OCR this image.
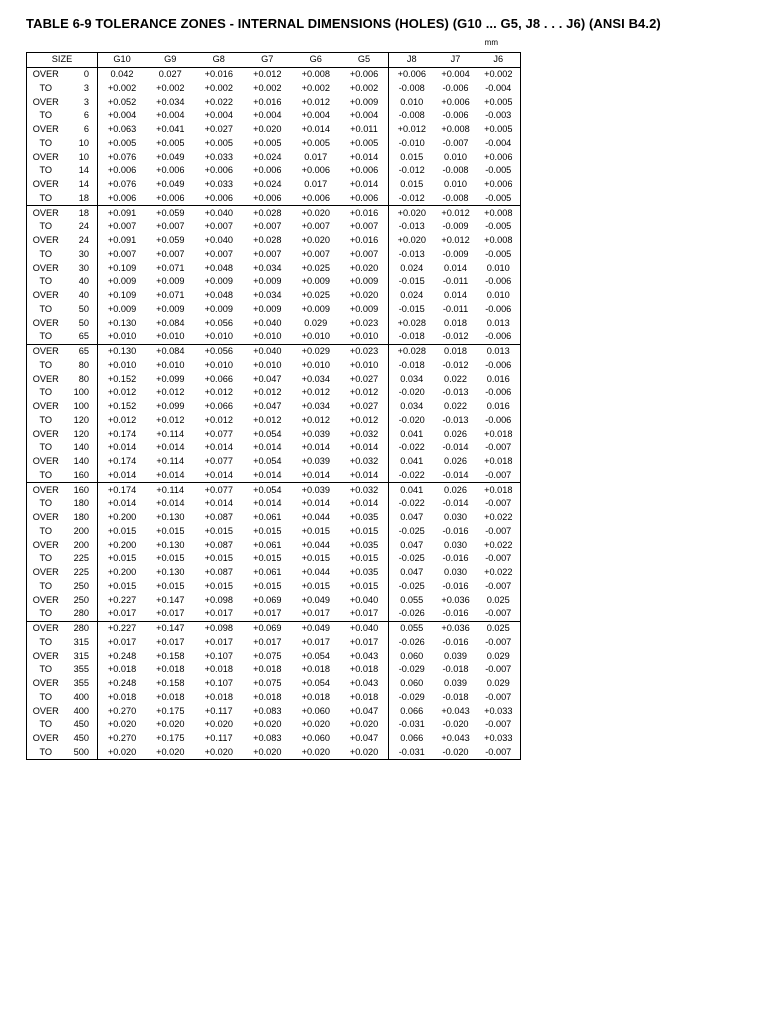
TABLE 6-9 TOLERANCE ZONES - INTERNAL DIMENSIONS (HOLES) (G10 ... G5, J8 . . . J6) (ANSI B4.2)
mm
SIZE		G10	G9	G8	G7	G6	G5	J8	J7	J6
OVER	0	0.042	0.027	+0.016	+0.012	+0.008	+0.006	+0.006	+0.004	+0.002
TO	3	+0.002	+0.002	+0.002	+0.002	+0.002	+0.002	-0.008	-0.006	-0.004
OVER	3	+0.052	+0.034	+0.022	+0.016	+0.012	+0.009	0.010	+0.006	+0.005
TO	6	+0.004	+0.004	+0.004	+0.004	+0.004	+0.004	-0.008	-0.006	-0.003
OVER	6	+0.063	+0.041	+0.027	+0.020	+0.014	+0.011	+0.012	+0.008	+0.005
TO	10	+0.005	+0.005	+0.005	+0.005	+0.005	+0.005	-0.010	-0.007	-0.004
OVER	10	+0.076	+0.049	+0.033	+0.024	0.017	+0.014	0.015	0.010	+0.006
TO	14	+0.006	+0.006	+0.006	+0.006	+0.006	+0.006	-0.012	-0.008	-0.005
OVER	14	+0.076	+0.049	+0.033	+0.024	0.017	+0.014	0.015	0.010	+0.006
TO	18	+0.006	+0.006	+0.006	+0.006	+0.006	+0.006	-0.012	-0.008	-0.005
OVER	18	+0.091	+0.059	+0.040	+0.028	+0.020	+0.016	+0.020	+0.012	+0.008
TO	24	+0.007	+0.007	+0.007	+0.007	+0.007	+0.007	-0.013	-0.009	-0.005
OVER	24	+0.091	+0.059	+0.040	+0.028	+0.020	+0.016	+0.020	+0.012	+0.008
TO	30	+0.007	+0.007	+0.007	+0.007	+0.007	+0.007	-0.013	-0.009	-0.005
OVER	30	+0.109	+0.071	+0.048	+0.034	+0.025	+0.020	0.024	0.014	0.010
TO	40	+0.009	+0.009	+0.009	+0.009	+0.009	+0.009	-0.015	-0.011	-0.006
OVER	40	+0.109	+0.071	+0.048	+0.034	+0.025	+0.020	0.024	0.014	0.010
TO	50	+0.009	+0.009	+0.009	+0.009	+0.009	+0.009	-0.015	-0.011	-0.006
OVER	50	+0.130	+0.084	+0.056	+0.040	0.029	+0.023	+0.028	0.018	0.013
TO	65	+0.010	+0.010	+0.010	+0.010	+0.010	+0.010	-0.018	-0.012	-0.006
OVER	65	+0.130	+0.084	+0.056	+0.040	+0.029	+0.023	+0.028	0.018	0.013
TO	80	+0.010	+0.010	+0.010	+0.010	+0.010	+0.010	-0.018	-0.012	-0.006
OVER	80	+0.152	+0.099	+0.066	+0.047	+0.034	+0.027	0.034	0.022	0.016
TO	100	+0.012	+0.012	+0.012	+0.012	+0.012	+0.012	-0.020	-0.013	-0.006
OVER	100	+0.152	+0.099	+0.066	+0.047	+0.034	+0.027	0.034	0.022	0.016
TO	120	+0.012	+0.012	+0.012	+0.012	+0.012	+0.012	-0.020	-0.013	-0.006
OVER	120	+0.174	+0.114	+0.077	+0.054	+0.039	+0.032	0.041	0.026	+0.018
TO	140	+0.014	+0.014	+0.014	+0.014	+0.014	+0.014	-0.022	-0.014	-0.007
OVER	140	+0.174	+0.114	+0.077	+0.054	+0.039	+0.032	0.041	0.026	+0.018
TO	160	+0.014	+0.014	+0.014	+0.014	+0.014	+0.014	-0.022	-0.014	-0.007
OVER	160	+0.174	+0.114	+0.077	+0.054	+0.039	+0.032	0.041	0.026	+0.018
TO	180	+0.014	+0.014	+0.014	+0.014	+0.014	+0.014	-0.022	-0.014	-0.007
OVER	180	+0.200	+0.130	+0.087	+0.061	+0.044	+0.035	0.047	0.030	+0.022
TO	200	+0.015	+0.015	+0.015	+0.015	+0.015	+0.015	-0.025	-0.016	-0.007
OVER	200	+0.200	+0.130	+0.087	+0.061	+0.044	+0.035	0.047	0.030	+0.022
TO	225	+0.015	+0.015	+0.015	+0.015	+0.015	+0.015	-0.025	-0.016	-0.007
OVER	225	+0.200	+0.130	+0.087	+0.061	+0.044	+0.035	0.047	0.030	+0.022
TO	250	+0.015	+0.015	+0.015	+0.015	+0.015	+0.015	-0.025	-0.016	-0.007
OVER	250	+0.227	+0.147	+0.098	+0.069	+0.049	+0.040	0.055	+0.036	0.025
TO	280	+0.017	+0.017	+0.017	+0.017	+0.017	+0.017	-0.026	-0.016	-0.007
OVER	280	+0.227	+0.147	+0.098	+0.069	+0.049	+0.040	0.055	+0.036	0.025
TO	315	+0.017	+0.017	+0.017	+0.017	+0.017	+0.017	-0.026	-0.016	-0.007
OVER	315	+0.248	+0.158	+0.107	+0.075	+0.054	+0.043	0.060	0.039	0.029
TO	355	+0.018	+0.018	+0.018	+0.018	+0.018	+0.018	-0.029	-0.018	-0.007
OVER	355	+0.248	+0.158	+0.107	+0.075	+0.054	+0.043	0.060	0.039	0.029
TO	400	+0.018	+0.018	+0.018	+0.018	+0.018	+0.018	-0.029	-0.018	-0.007
OVER	400	+0.270	+0.175	+0.117	+0.083	+0.060	+0.047	0.066	+0.043	+0.033
TO	450	+0.020	+0.020	+0.020	+0.020	+0.020	+0.020	-0.031	-0.020	-0.007
OVER	450	+0.270	+0.175	+0.117	+0.083	+0.060	+0.047	0.066	+0.043	+0.033
TO	500	+0.020	+0.020	+0.020	+0.020	+0.020	+0.020	-0.031	-0.020	-0.007
